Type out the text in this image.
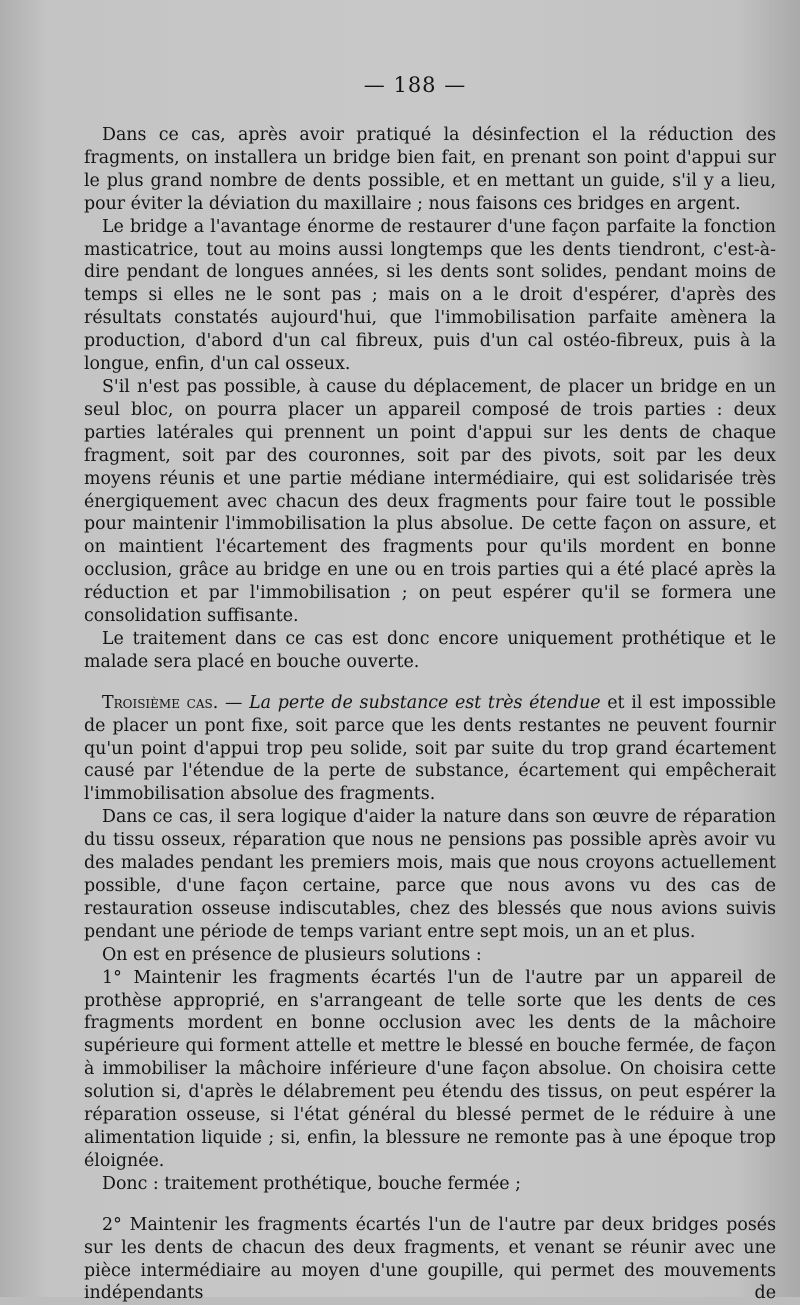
— 188 —

Dans ce cas, après avoir pratiqué la désinfection el la réduction des fragments, on installera un bridge bien fait, en prenant son point d'appui sur le plus grand nombre de dents possible, et en mettant un guide, s'il y a lieu, pour éviter la déviation du maxillaire ; nous faisons ces bridges en argent.

Le bridge a l'avantage énorme de restaurer d'une façon parfaite la fonction masticatrice, tout au moins aussi longtemps que les dents tiendront, c'est-à-dire pendant de longues années, si les dents sont solides, pendant moins de temps si elles ne le sont pas ; mais on a le droit d'espérer, d'après des résultats constatés aujourd'hui, que l'immobilisation parfaite amènera la production, d'abord d'un cal fibreux, puis d'un cal ostéo-fibreux, puis à la longue, enfin, d'un cal osseux.

S'il n'est pas possible, à cause du déplacement, de placer un bridge en un seul bloc, on pourra placer un appareil composé de trois parties : deux parties latérales qui prennent un point d'appui sur les dents de chaque fragment, soit par des couronnes, soit par des pivots, soit par les deux moyens réunis et une partie médiane intermédiaire, qui est solidarisée très énergiquement avec chacun des deux fragments pour faire tout le possible pour maintenir l'immobilisation la plus absolue. De cette façon on assure, et on maintient l'écartement des fragments pour qu'ils mordent en bonne occlusion, grâce au bridge en une ou en trois parties qui a été placé après la réduction et par l'immobilisation ; on peut espérer qu'il se formera une consolidation suffisante.

Le traitement dans ce cas est donc encore uniquement prothétique et le malade sera placé en bouche ouverte.

Troisième cas. — La perte de substance est très étendue et il est impossible de placer un pont fixe, soit parce que les dents restantes ne peuvent fournir qu'un point d'appui trop peu solide, soit par suite du trop grand écartement causé par l'étendue de la perte de substance, écartement qui empêcherait l'immobilisation absolue des fragments.

Dans ce cas, il sera logique d'aider la nature dans son œuvre de réparation du tissu osseux, réparation que nous ne pensions pas possible après avoir vu des malades pendant les premiers mois, mais que nous croyons actuellement possible, d'une façon certaine, parce que nous avons vu des cas de restauration osseuse indiscutables, chez des blessés que nous avions suivis pendant une période de temps variant entre sept mois, un an et plus.

On est en présence de plusieurs solutions :

1° Maintenir les fragments écartés l'un de l'autre par un appareil de prothèse approprié, en s'arrangeant de telle sorte que les dents de ces fragments mordent en bonne occlusion avec les dents de la mâchoire supérieure qui forment attelle et mettre le blessé en bouche fermée, de façon à immobiliser la mâchoire inférieure d'une façon absolue. On choisira cette solution si, d'après le délabrement peu étendu des tissus, on peut espérer la réparation osseuse, si l'état général du blessé permet de le réduire à une alimentation liquide ; si, enfin, la blessure ne remonte pas à une époque trop éloignée.

Donc : traitement prothétique, bouche fermée ;

2° Maintenir les fragments écartés l'un de l'autre par deux bridges posés sur les dents de chacun des deux fragments, et venant se réunir avec une pièce intermédiaire au moyen d'une goupille, qui permet des mouvements indépendants de
